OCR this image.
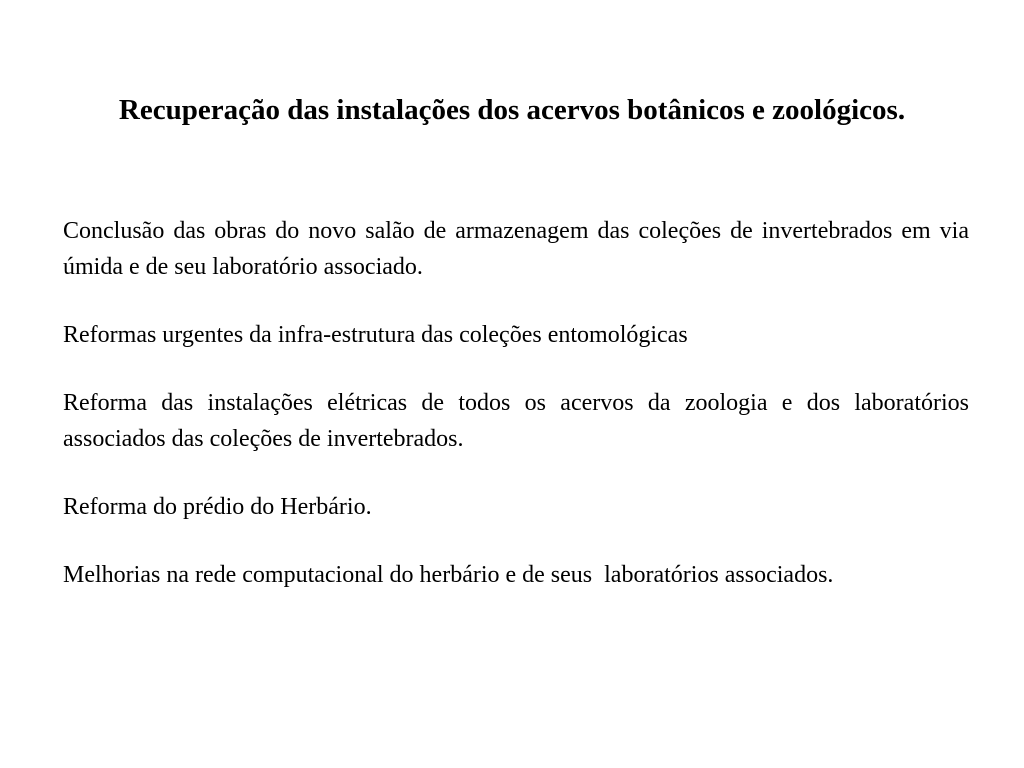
Recuperação das instalações dos acervos botânicos e zoológicos.

Conclusão das obras do novo salão de armazenagem das coleções de invertebrados em via úmida e de seu laboratório associado.

Reformas urgentes da infra-estrutura das coleções entomológicas

Reforma das instalações elétricas de todos os acervos da zoologia e dos laboratórios associados das coleções de invertebrados.

Reforma do prédio do Herbário.

Melhorias na rede computacional do herbário e de seus  laboratórios associados.
